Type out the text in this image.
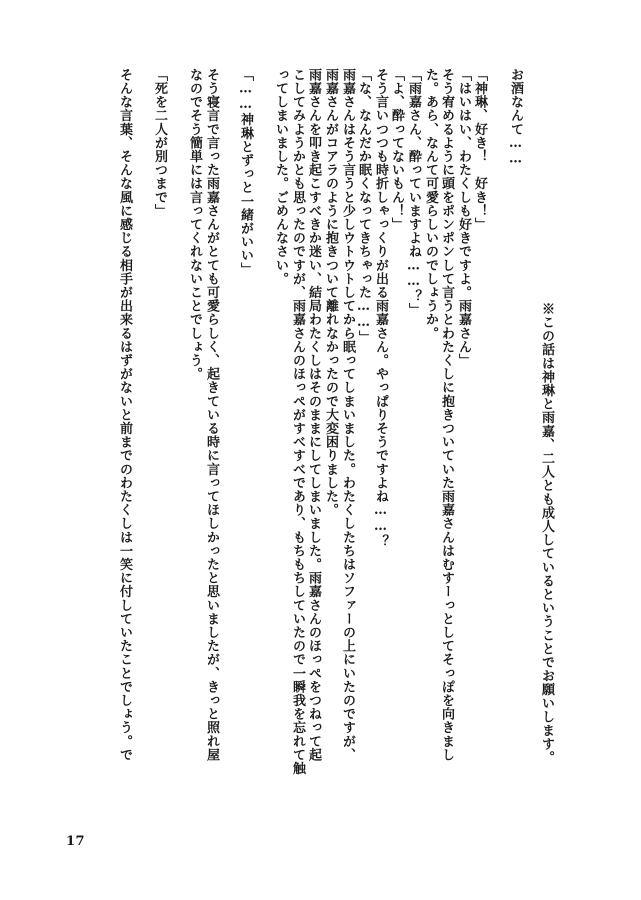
※この話は神琳と雨嘉、二人とも成人しているということでお願いします。
お酒なんて……
「神琳、好き！　好き！」
「はいはい、わたくしも好きですよ。雨嘉さん」
そう宥めるように頭をポンポンして言うとわたくしに抱きついていた雨嘉さんはむすーっとしてそっぽを向きまし
た。あら、なんて可愛らしいのでしょうか。
「雨嘉さん、酔っていますよね……？」
「よ、酔ってないもん！」
そう言いつつも時折しゃっくりが出る雨嘉さん。やっぱりそうですよね……？
「な、なんだか眠くなってきちゃった……」
雨嘉さんはそう言うと少しウトウトしてから眠ってしまいました。わたくしたちはソファーの上にいたのですが、
雨嘉さんがコアラのように抱きついて離れなかったので大変困りました。
雨嘉さんを叩き起こすべきか迷い、結局わたくしはそのままにしてしまいました。雨嘉さんのほっぺをつねって起
こしてみようかとも思ったのですが、雨嘉さんのほっぺがすべすべであり、もちもちしていたので一瞬我を忘れて触
ってしまいました。ごめんなさい。
「……神琳とずっと一緒がいい」
そう寝言で言った雨嘉さんがとても可愛らしく、起きている時に言ってほしかったと思いましたが、きっと照れ屋
なのでそう簡単には言ってくれないことでしょう。
「死を二人が別つまで」
そんな言葉、そんな風に感じる相手が出来るはずがないと前までのわたくしは一笑に付していたことでしょう。で
17
